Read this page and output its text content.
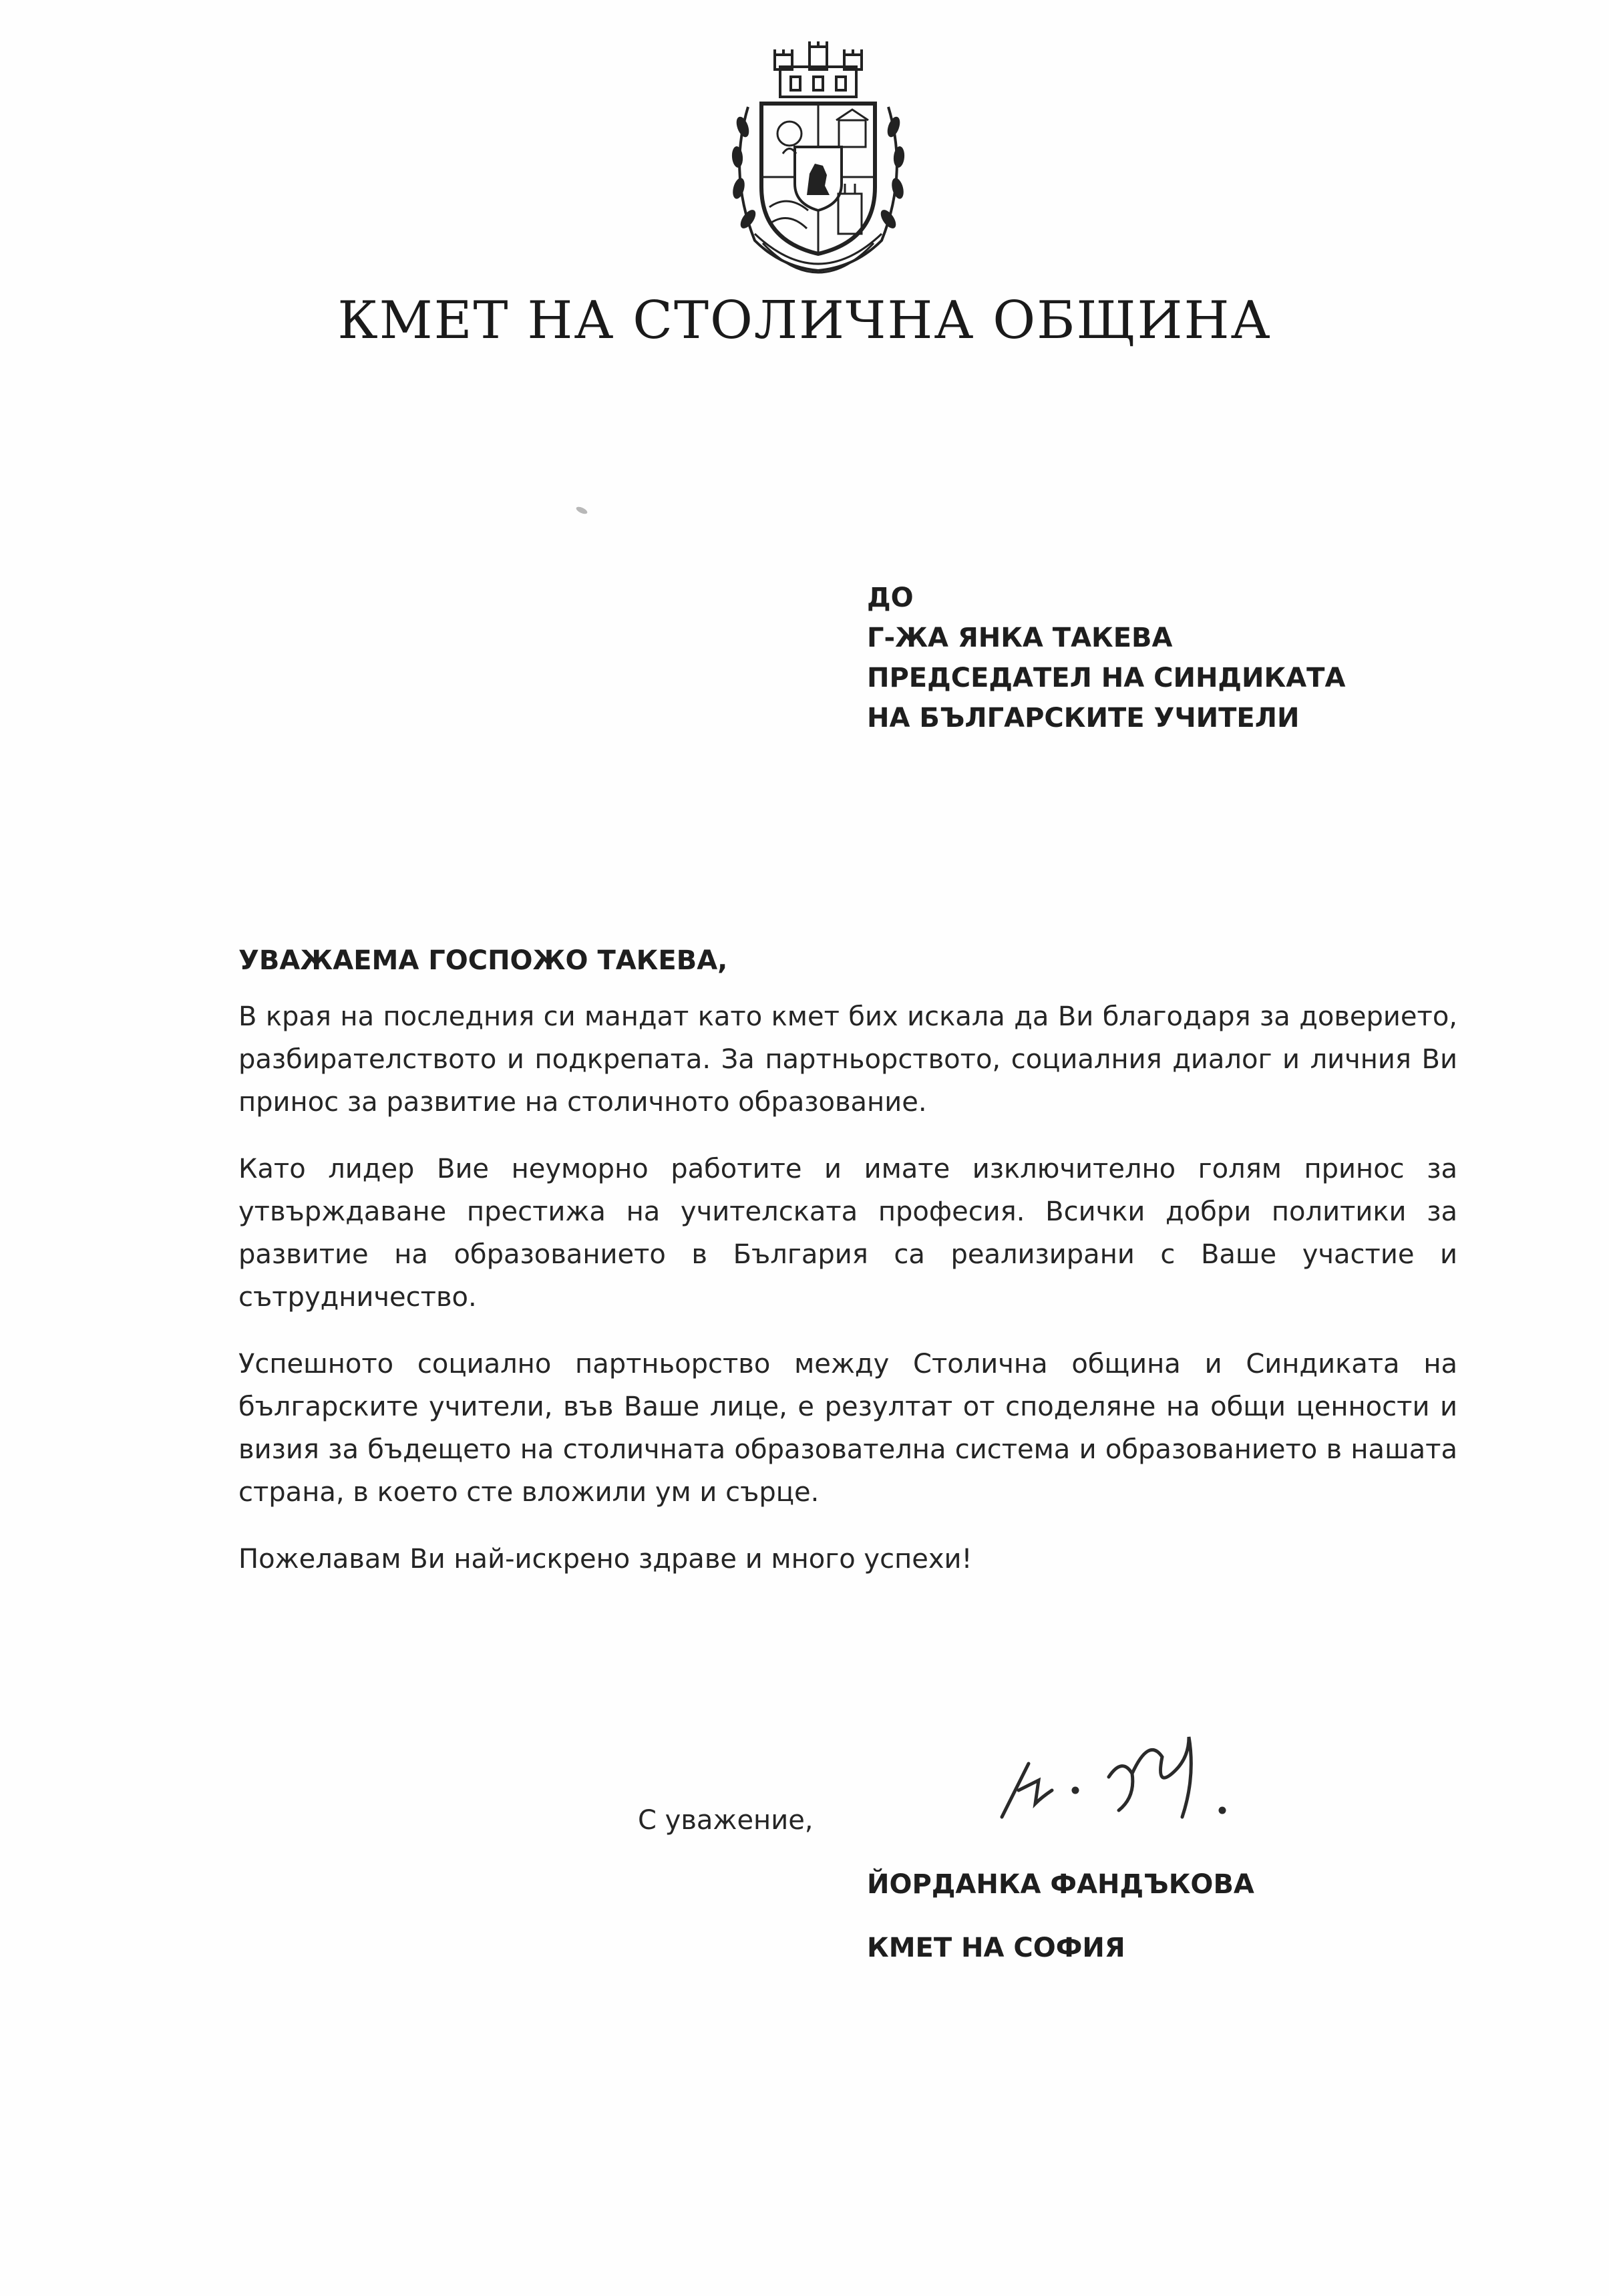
КМЕТ НА СТОЛИЧНА ОБЩИНА
ДО
Г-ЖА ЯНКА ТАКЕВА
ПРЕДСЕДАТЕЛ НА СИНДИКАТА
НА БЪЛГАРСКИТЕ УЧИТЕЛИ
УВАЖАЕМА ГОСПОЖО ТАКЕВА,

В края на последния си мандат като кмет бих искала да Ви благодаря за доверието, разбирателството и подкрепата. За партньорството, социалния диалог и личния Ви принос за развитие на столичното образование.

Като лидер Вие неуморно работите и имате изключително голям принос за утвърждаване престижа на учителската професия. Всички добри политики за развитие на образованието в България са реализирани с Ваше участие и сътрудничество.

Успешното социално партньорство между Столична община и Синдиката на българските учители, във Ваше лице, е резултат от споделяне на общи ценности и визия за бъдещето на столичната образователна система и образованието в нашата страна, в което сте вложили ум и сърце.

Пожелавам Ви най-искрено здраве и много успехи!

С уважение,
ЙОРДАНКА ФАНДЪКОВА
КМЕТ НА СОФИЯ
